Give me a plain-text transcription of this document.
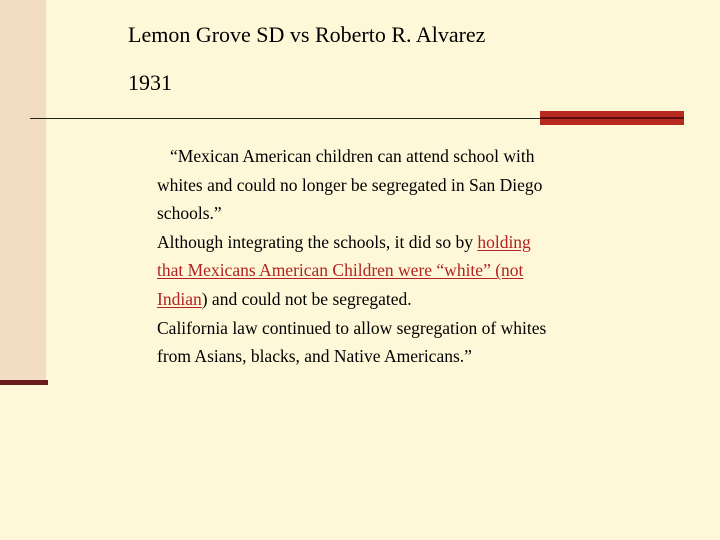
Lemon Grove SD vs Roberto R. Alvarez
1931

“Mexican American children can attend school with whites and could no longer be segregated in San Diego schools.”

Although integrating the schools, it did so by holding that Mexicans American Children were “white” (not Indian) and could not be segregated.

California law continued to allow segregation of whites from Asians, blacks, and Native Americans.”
